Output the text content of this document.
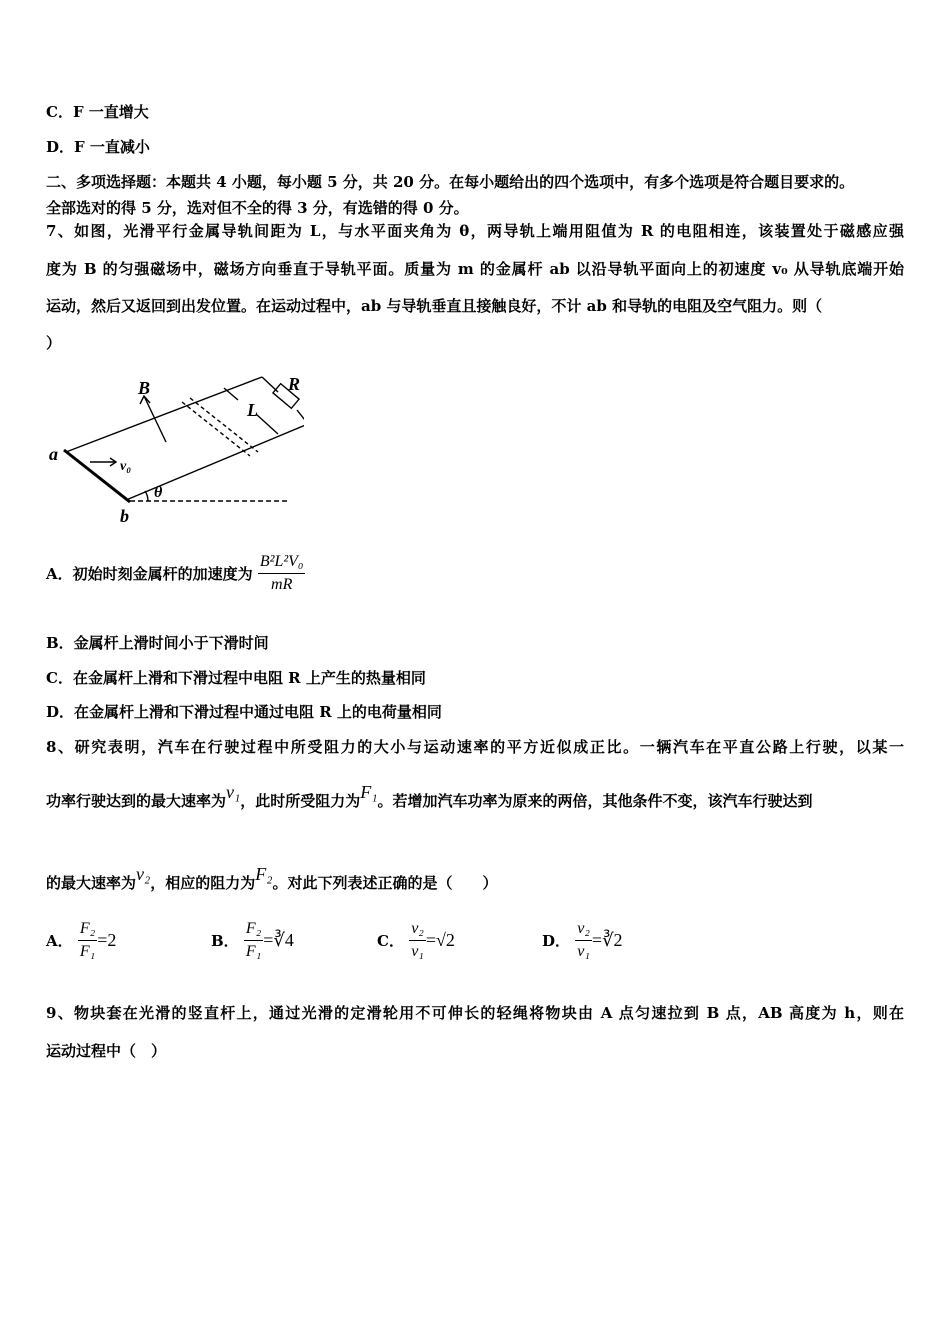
C．F 一直增大
D．F 一直减小
二、多项选择题：本题共 4 小题，每小题 5 分，共 20 分。在每小题给出的四个选项中，有多个选项是符合题目要求的。
全部选对的得 5 分，选对但不全的得 3 分，有选错的得 0 分。
7、如图，光滑平行金属导轨间距为 L，与水平面夹角为 θ，两导轨上端用阻值为 R 的电阻相连，该装置处于磁感应强
度为 B 的匀强磁场中，磁场方向垂直于导轨平面。质量为 m 的金属杆 ab 以沿导轨平面向上的初速度 v₀ 从导轨底端开始
运动，然后又返回到出发位置。在运动过程中，ab 与导轨垂直且接触良好，不计 ab 和导轨的电阻及空气阻力。则（
）
B	R
L
a
b
v₀
θ
A．初始时刻金属杆的加速度为 $\frac{\text{B²L²V₀}}{mR}$
B．金属杆上滑时间小于下滑时间
C．在金属杆上滑和下滑过程中电阻 R 上产生的热量相同
D．在金属杆上滑和下滑过程中通过电阻 R 上的电荷量相同
8、研究表明，汽车在行驶过程中所受阻力的大小与运动速率的平方近似成正比。一辆汽车在平直公路上行驶，以某一
功率行驶达到的最大速率为v₁，此时所受阻力为F₁。若增加汽车功率为原来的两倍，其他条件不变，该汽车行驶达到
的最大速率为v₂，相应的阻力为F₂。对此下列表述正确的是（　　）
A． $\frac{\text{F₂}}{\text{F₁}} =2$	B． $\frac{\text{F₂}}{\text{F₁}}$ =∛4	C． $\frac{\text{v₂}}{\text{v₁}} =√2$	D． $\frac{\text{v₂}}{\text{v₁}}$ =∛2
9、物块套在光滑的竖直杆上，通过光滑的定滑轮用不可伸长的轻绳将物块由 A 点匀速拉到 B 点，AB 高度为 h，则在
运动过程中（　）
